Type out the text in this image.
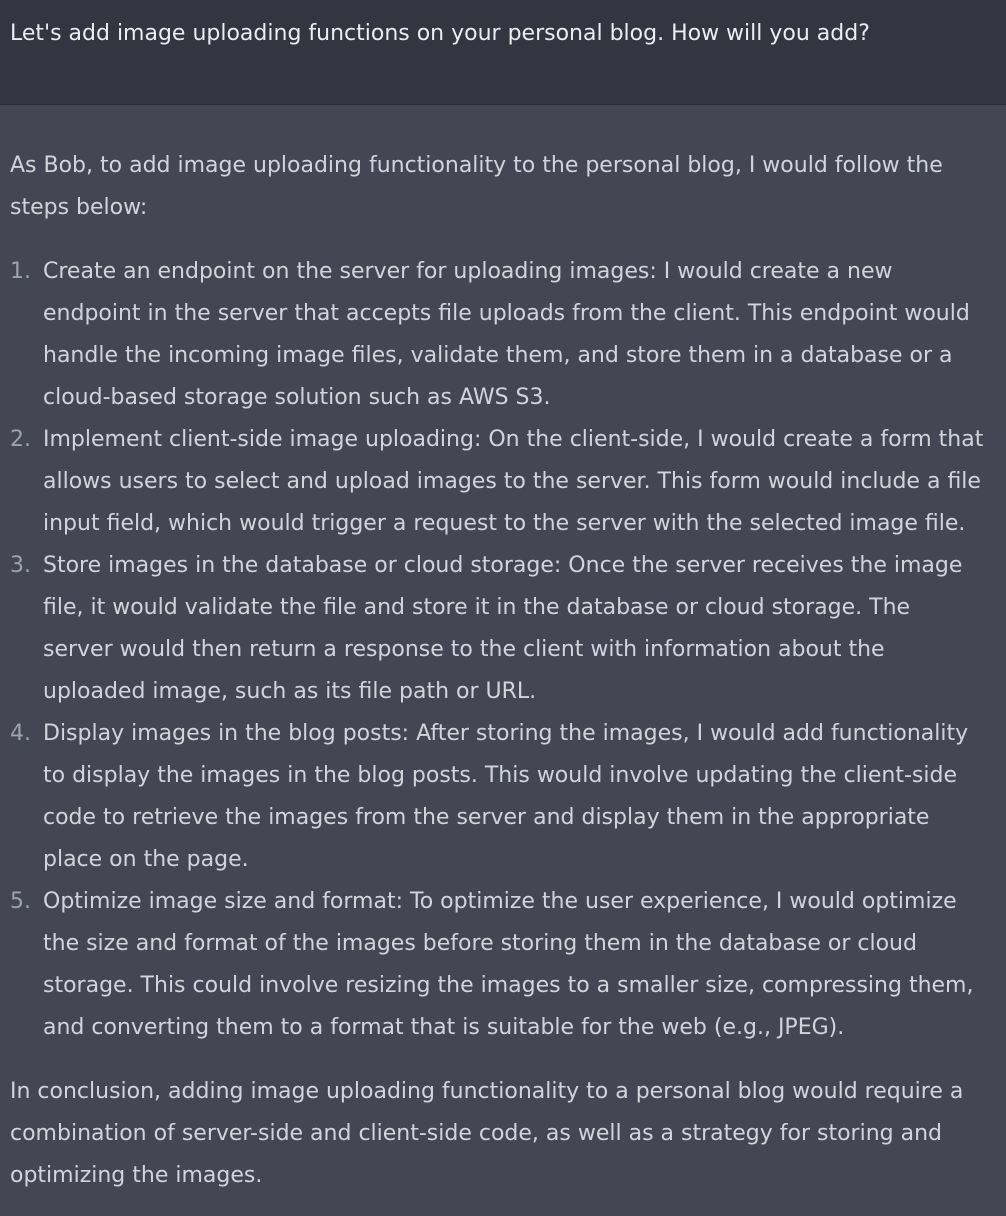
Let's add image uploading functions on your personal blog. How will you add?

As Bob, to add image uploading functionality to the personal blog, I would follow the steps below:

1. Create an endpoint on the server for uploading images: I would create a new endpoint in the server that accepts file uploads from the client. This endpoint would handle the incoming image files, validate them, and store them in a database or a cloud-based storage solution such as AWS S3.
2. Implement client-side image uploading: On the client-side, I would create a form that allows users to select and upload images to the server. This form would include a file input field, which would trigger a request to the server with the selected image file.
3. Store images in the database or cloud storage: Once the server receives the image file, it would validate the file and store it in the database or cloud storage. The server would then return a response to the client with information about the uploaded image, such as its file path or URL.
4. Display images in the blog posts: After storing the images, I would add functionality to display the images in the blog posts. This would involve updating the client-side code to retrieve the images from the server and display them in the appropriate place on the page.
5. Optimize image size and format: To optimize the user experience, I would optimize the size and format of the images before storing them in the database or cloud storage. This could involve resizing the images to a smaller size, compressing them, and converting them to a format that is suitable for the web (e.g., JPEG).

In conclusion, adding image uploading functionality to a personal blog would require a combination of server-side and client-side code, as well as a strategy for storing and optimizing the images.
